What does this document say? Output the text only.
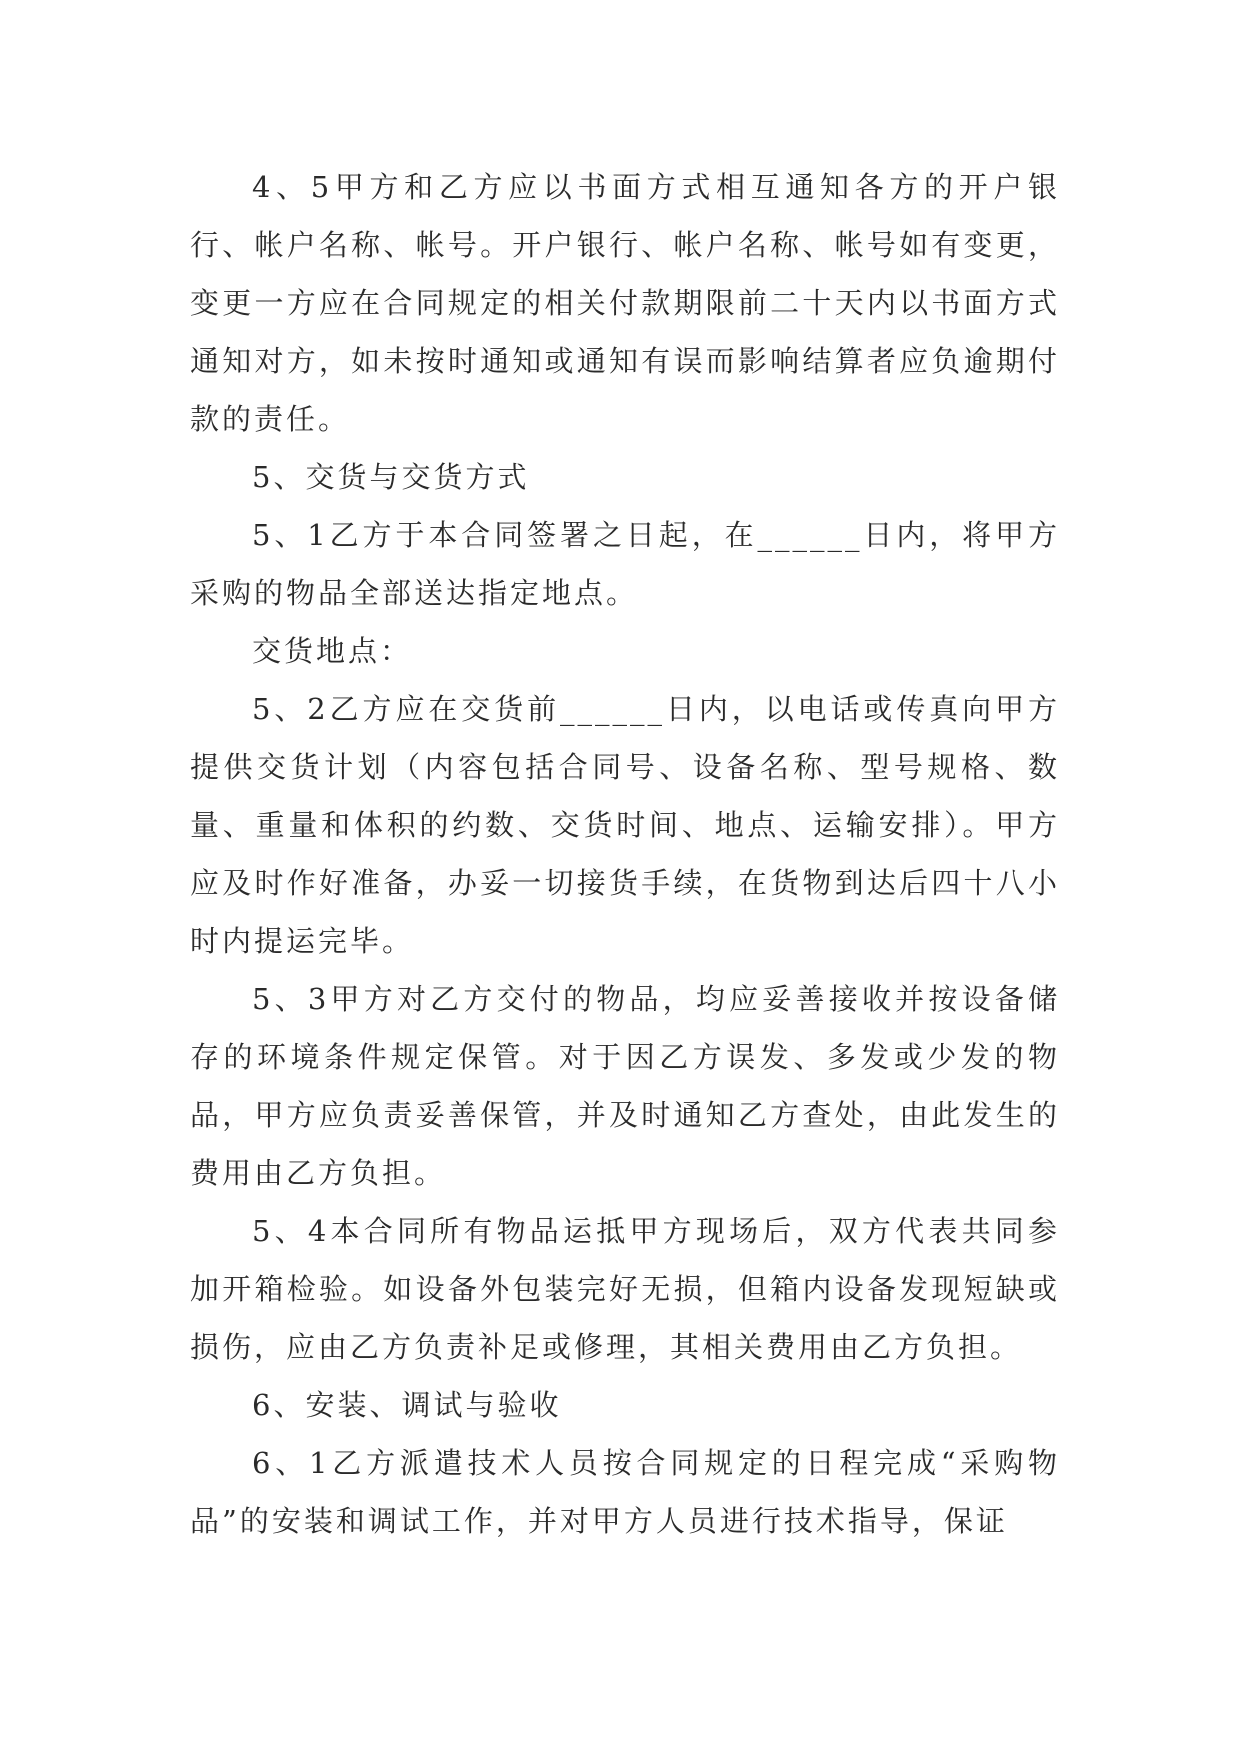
4、5甲方和乙方应以书面方式相互通知各方的开户银行、帐户名称、帐号。开户银行、帐户名称、帐号如有变更，变更一方应在合同规定的相关付款期限前二十天内以书面方式通知对方，如未按时通知或通知有误而影响结算者应负逾期付款的责任。

5、交货与交货方式

5、1乙方于本合同签署之日起，在______日内，将甲方采购的物品全部送达指定地点。

交货地点：

5、2乙方应在交货前______日内，以电话或传真向甲方提供交货计划（内容包括合同号、设备名称、型号规格、数量、重量和体积的约数、交货时间、地点、运输安排）。甲方应及时作好准备，办妥一切接货手续，在货物到达后四十八小时内提运完毕。

5、3甲方对乙方交付的物品，均应妥善接收并按设备储存的环境条件规定保管。对于因乙方误发、多发或少发的物品，甲方应负责妥善保管，并及时通知乙方查处，由此发生的费用由乙方负担。

5、4本合同所有物品运抵甲方现场后，双方代表共同参加开箱检验。如设备外包装完好无损，但箱内设备发现短缺或损伤，应由乙方负责补足或修理，其相关费用由乙方负担。

6、安装、调试与验收

6、1乙方派遣技术人员按合同规定的日程完成“采购物品”的安装和调试工作，并对甲方人员进行技术指导，保证
